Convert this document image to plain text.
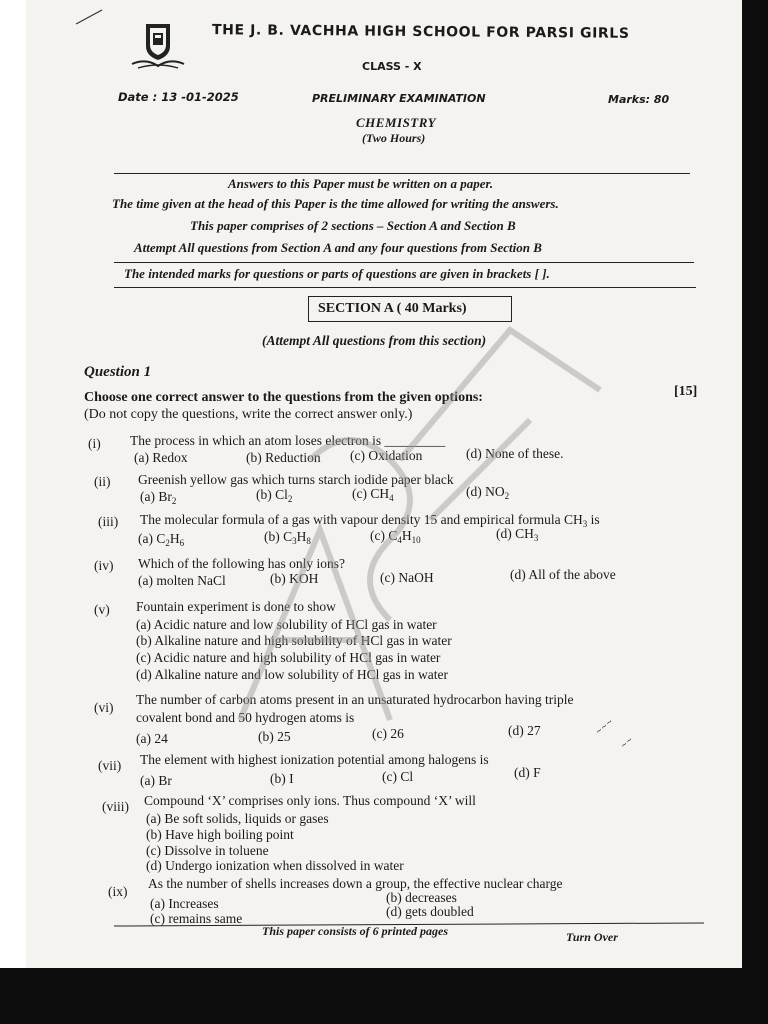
THE J. B. VACHHA HIGH SCHOOL FOR PARSI GIRLS
CLASS - X
Date : 13 -01-2025	PRELIMINARY EXAMINATION	Marks: 80
CHEMISTRY
(Two Hours)
Answers to this Paper must be written on a paper.
The time given at the head of this Paper is the time allowed for writing the answers.
This paper comprises of 2 sections – Section A and Section B
Attempt All questions from Section A and any four questions from Section B
The intended marks for questions or parts of questions are given in brackets [ ].
SECTION A ( 40 Marks)
(Attempt All questions from this section)
Question 1
Choose one correct answer to the questions from the given options:	[15]
(Do not copy the questions, write the correct answer only.)
(i) The process in which an atom loses electron is _________
(a) Redox	(b) Reduction (c) Oxidation	(d) None of these.
(ii) Greenish yellow gas which turns starch iodide paper black
(a) $Br_2$	(b) $Cl_2$	(c) $CH_4$	(d) $NO_2$
(iii) The molecular formula of a gas with vapour density 15 and empirical formula $CH_3$ is
(a) $C_2H_6$	(b) $C_3H_8$	(c) $C_4H_{10}$	(d) $CH_3$
(iv) Which of the following has only ions?
(a) molten NaCl	(b) KOH	(c) NaOH	(d) All of the above
(v) Fountain experiment is done to show
(a) Acidic nature and low solubility of HCl gas in water
(b) Alkaline nature and high solubility of HCl gas in water
(c) Acidic nature and high solubility of HCl gas in water
(d) Alkaline nature and low solubility of HCl gas in water
(vi)
The number of carbon atoms present in an unsaturated hydrocarbon having triple
covalent bond and 50 hydrogen atoms is
(a) 24	(b) 25	(c) 26	(d) 27
(vii) The element with highest ionization potential among halogens is
(a) Br	(b) I	(c) Cl	(d) F
(viii) Compound ‘X’ comprises only ions. Thus compound ‘X’ will
(a) Be soft solids, liquids or gases
(b) Have high boiling point
(c) Dissolve in toluene
(d) Undergo ionization when dissolved in water
(ix)
As the number of shells increases down a group, the effective nuclear charge
(a) Increases	(b) decreases
(c) remains same	(d) gets doubled
This paper consists of 6 printed pages	Turn Over
~~~
~~
